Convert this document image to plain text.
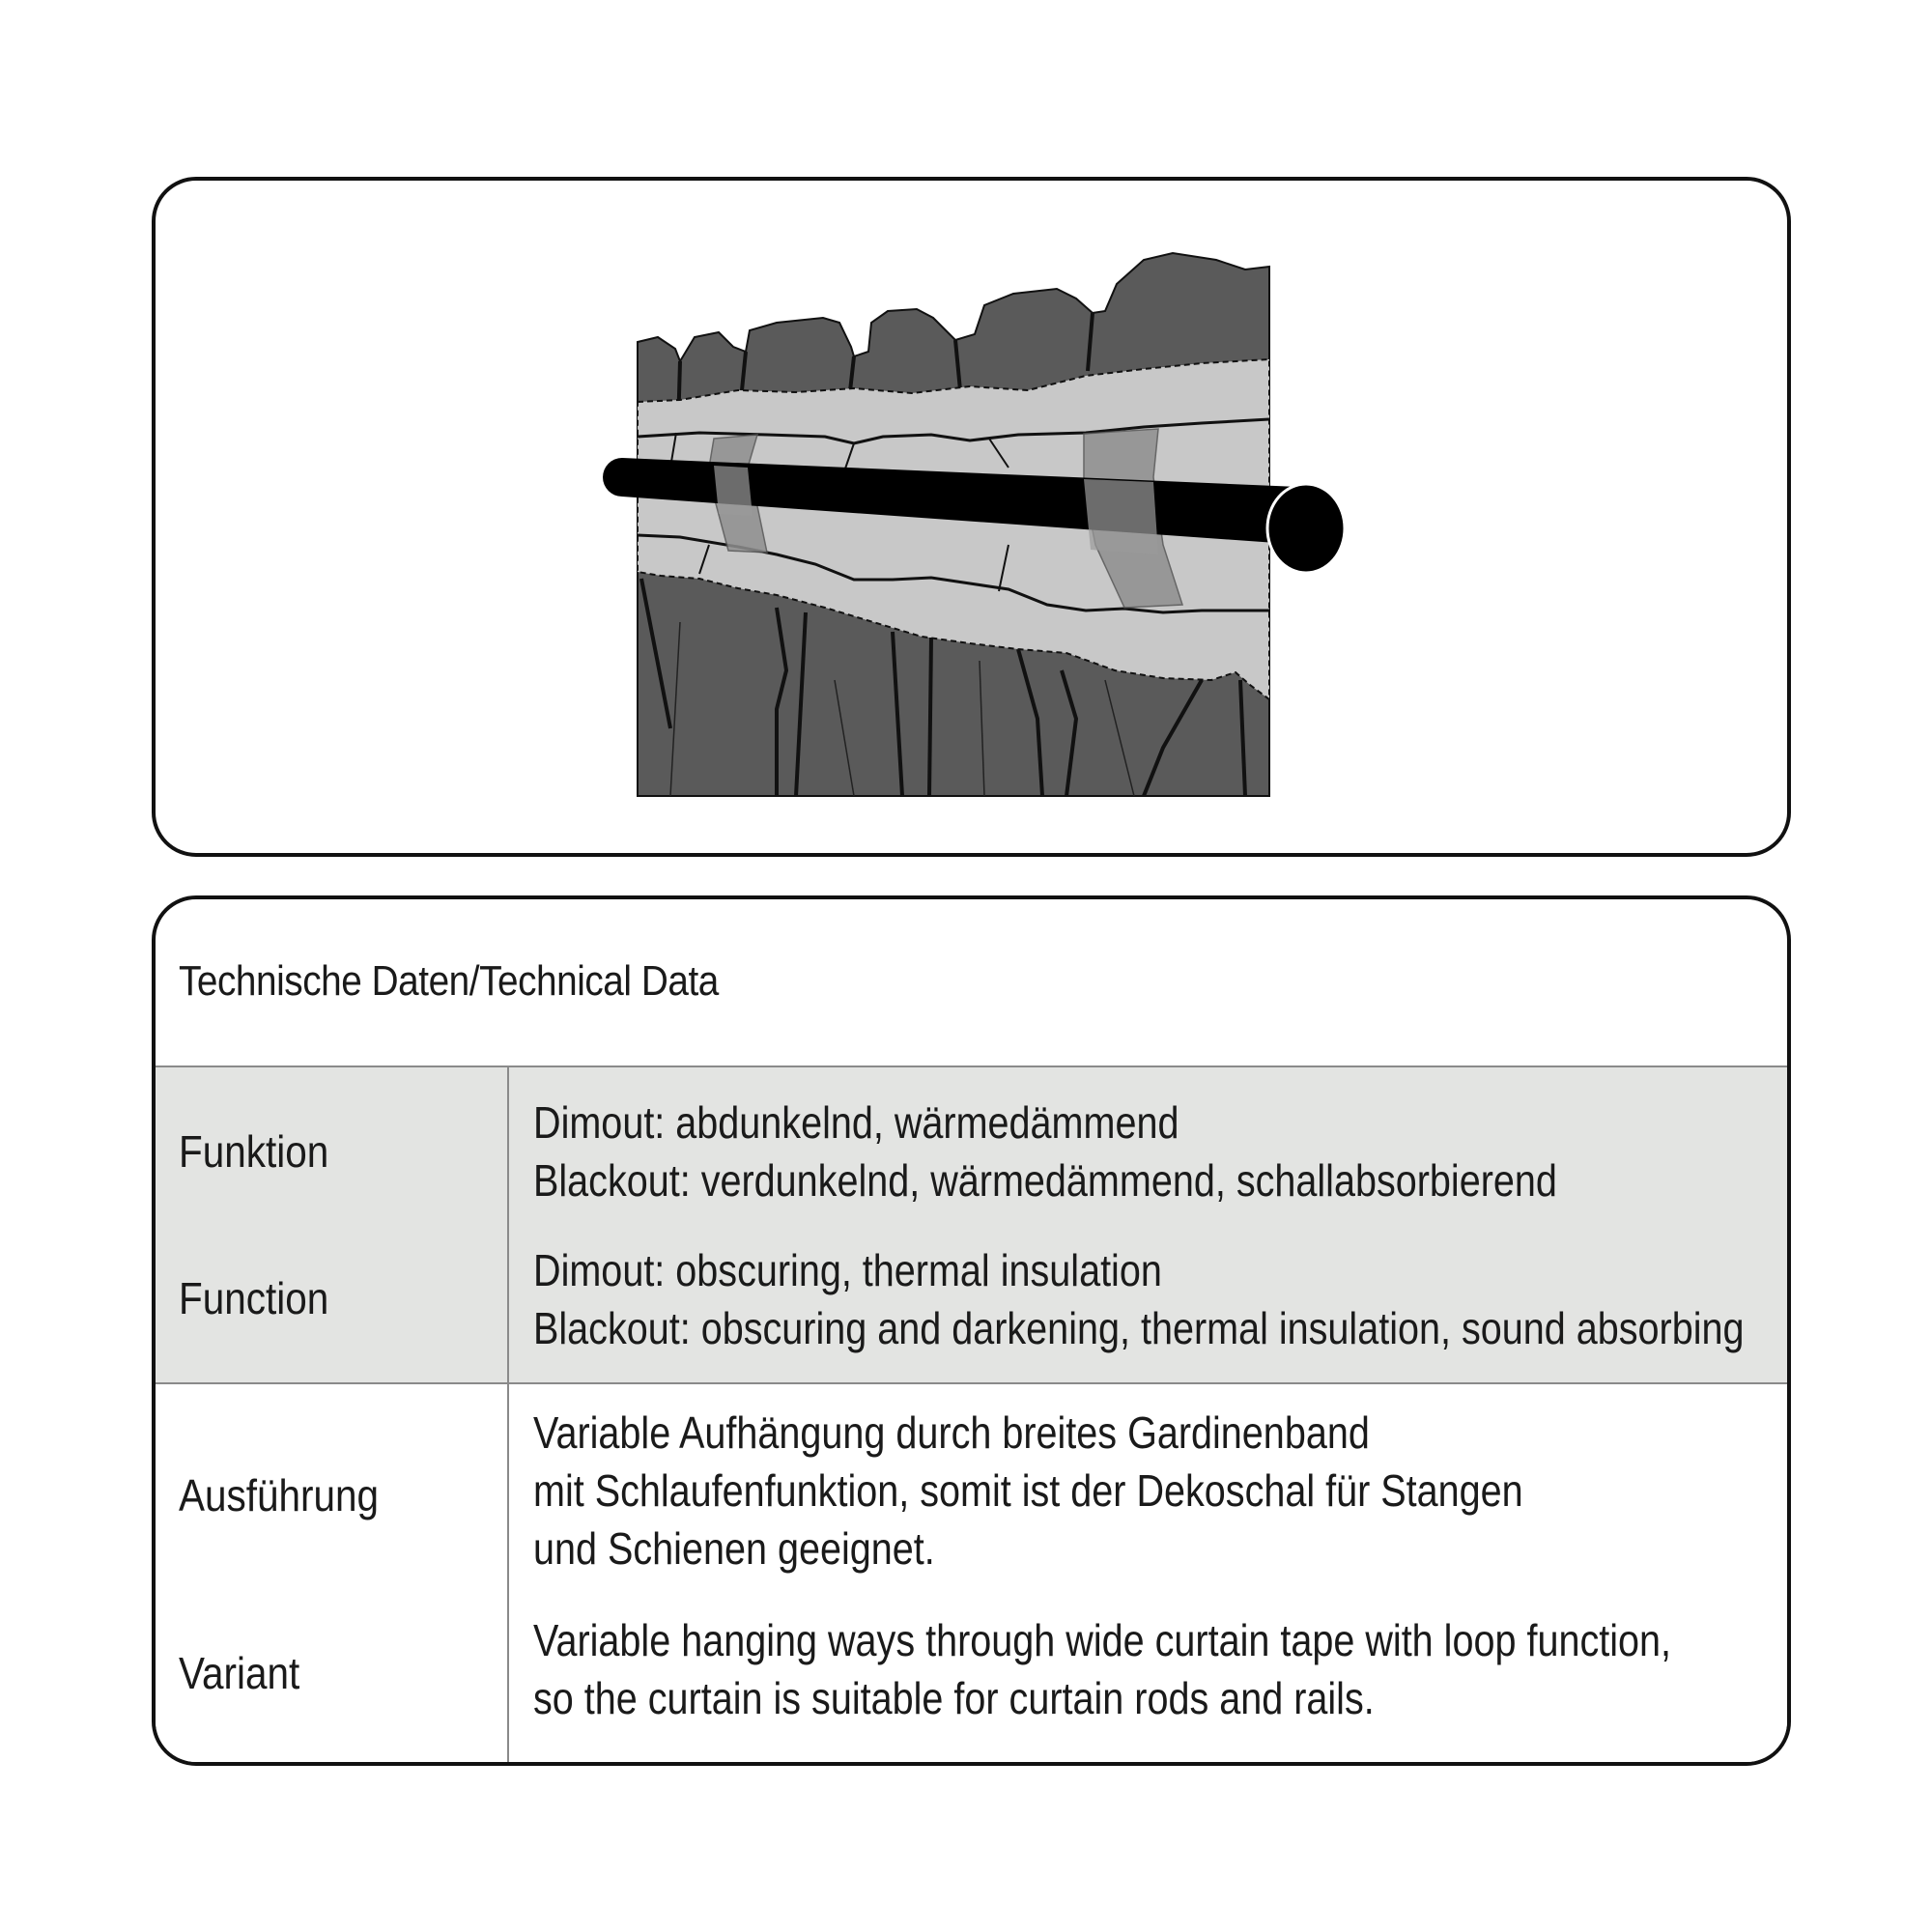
Technische Daten/Technical Data
Funktion
Function
Dimout: abdunkelnd, wärmedämmend
Blackout: verdunkelnd, wärmedämmend, schallabsorbierend
Dimout: obscuring, thermal insulation
Blackout: obscuring and darkening, thermal insulation, sound absorbing
Ausführung
Variant
Variable Aufhängung durch breites Gardinenband
mit Schlaufenfunktion, somit ist der Dekoschal für Stangen
und Schienen geeignet.
Variable hanging ways through wide curtain tape with loop function,
so the curtain is suitable for curtain rods and rails.
